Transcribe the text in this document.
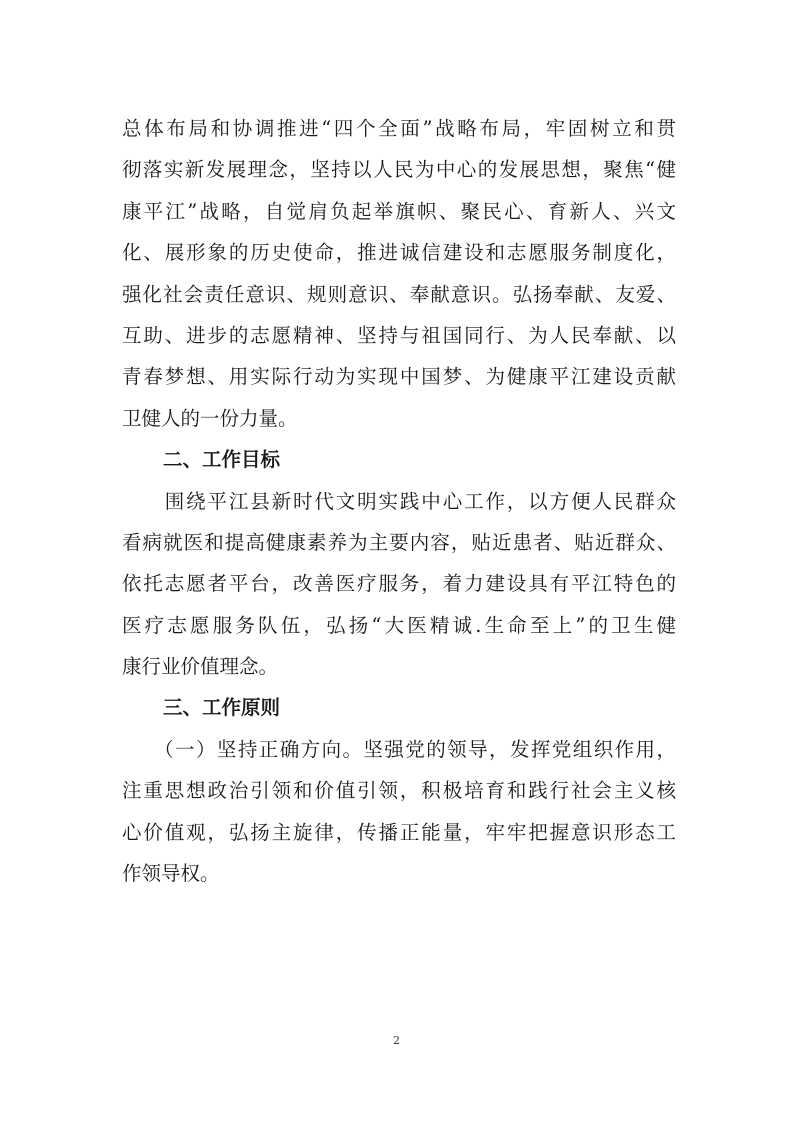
总体布局和协调推进“四个全面”战略布局，牢固树立和贯
彻落实新发展理念，坚持以人民为中心的发展思想，聚焦“健
康平江”战略，自觉肩负起举旗帜、聚民心、育新人、兴文
化、展形象的历史使命，推进诚信建设和志愿服务制度化，
强化社会责任意识、规则意识、奉献意识。弘扬奉献、友爱、
互助、进步的志愿精神、坚持与祖国同行、为人民奉献、以
青春梦想、用实际行动为实现中国梦、为健康平江建设贡献
卫健人的一份力量。
二、工作目标
　　围绕平江县新时代文明实践中心工作，以方便人民群众
看病就医和提高健康素养为主要内容，贴近患者、贴近群众、
依托志愿者平台，改善医疗服务，着力建设具有平江特色的
医疗志愿服务队伍，弘扬“大医精诚.生命至上”的卫生健
康行业价值理念。
三、工作原则
　　（一）坚持正确方向。坚强党的领导，发挥党组织作用，
注重思想政治引领和价值引领，积极培育和践行社会主义核
心价值观，弘扬主旋律，传播正能量，牢牢把握意识形态工
作领导权。
2
